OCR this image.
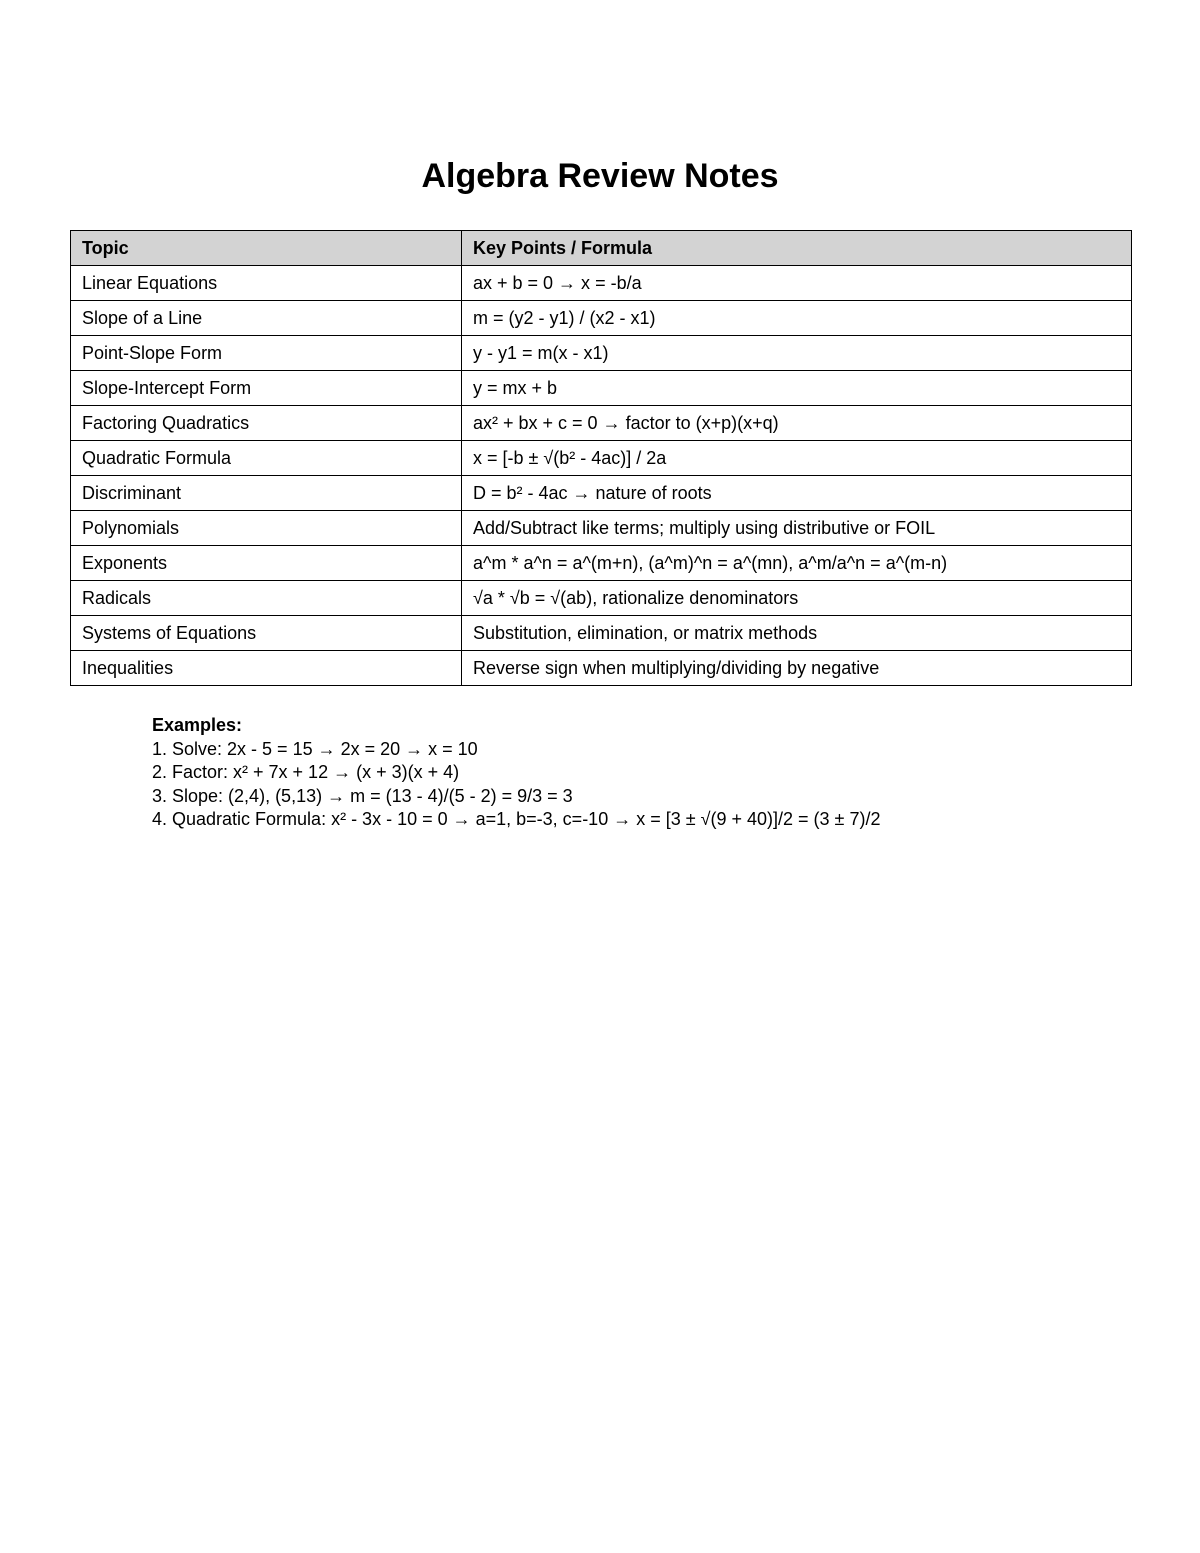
Algebra Review Notes
Topic	Key Points / Formula
Linear Equations	ax + b = 0 → x = -b/a
Slope of a Line	m = (y2 - y1) / (x2 - x1)
Point-Slope Form	y - y1 = m(x - x1)
Slope-Intercept Form	y = mx + b
Factoring Quadratics	ax² + bx + c = 0 → factor to (x+p)(x+q)
Quadratic Formula	x = [-b ± √(b² - 4ac)] / 2a
Discriminant	D = b² - 4ac → nature of roots
Polynomials	Add/Subtract like terms; multiply using distributive or FOIL
Exponents	a^m * a^n = a^(m+n), (a^m)^n = a^(mn), a^m/a^n = a^(m-n)
Radicals	√a * √b = √(ab), rationalize denominators
Systems of Equations	Substitution, elimination, or matrix methods
Inequalities	Reverse sign when multiplying/dividing by negative
Examples:
1. Solve: 2x - 5 = 15 → 2x = 20 → x = 10
2. Factor: x² + 7x + 12 → (x + 3)(x + 4)
3. Slope: (2,4), (5,13) → m = (13 - 4)/(5 - 2) = 9/3 = 3
4. Quadratic Formula: x² - 3x - 10 = 0 → a=1, b=-3, c=-10 → x = [3 ± √(9 + 40)]/2 = (3 ± 7)/2
